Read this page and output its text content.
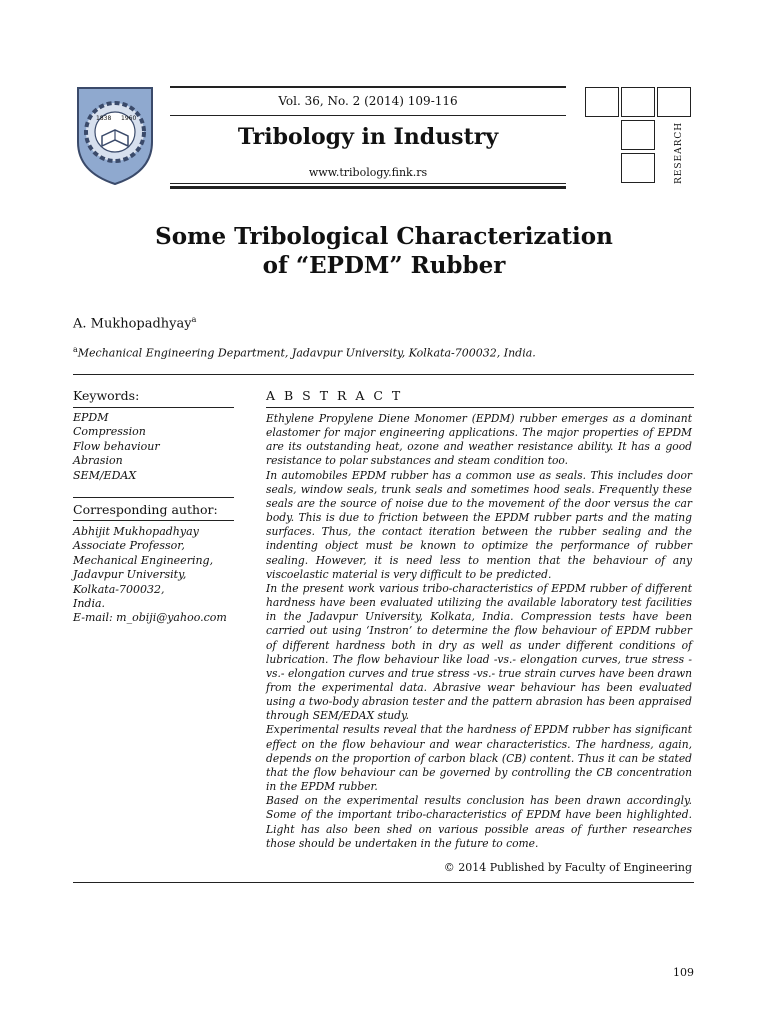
1838 1960
Vol. 36, No. 2 (2014) 109-116
Tribology in Industry
www.tribology.fink.rs	RESEARCH
Some Tribological Characterization
of “EPDM” Rubber
A. Mukhopadhyay$^a$
$^a$Mechanical Engineering Department, Jadavpur University, Kolkata-700032, India.
Keywords:
EPDM
Compression
Flow behaviour
Abrasion
SEM/EDAX
Corresponding author:
Abhijit Mukhopadhyay
Associate Professor,
Mechanical Engineering,
Jadavpur University,
Kolkata-700032,
India.
E-mail: m_obiji@yahoo.com
A B S T R A C T

Ethylene Propylene Diene Monomer (EPDM) rubber emerges as a dominant elastomer for major engineering applications. The major properties of EPDM are its outstanding heat, ozone and weather resistance ability. It has a good resistance to polar substances and steam condition too.

In automobiles EPDM rubber has a common use as seals. This includes door seals, window seals, trunk seals and sometimes hood seals. Frequently these seals are the source of noise due to the movement of the door versus the car body. This is due to friction between the EPDM rubber parts and the mating surfaces. Thus, the contact iteration between the rubber sealing and the indenting object must be known to optimize the performance of rubber sealing. However, it is need less to mention that the behaviour of any viscoelastic material is very difficult to be predicted.

In the present work various tribo-characteristics of EPDM rubber of different hardness have been evaluated utilizing the available laboratory test facilities in the Jadavpur University, Kolkata, India. Compression tests have been carried out using ‘Instron’ to determine the flow behaviour of EPDM rubber of different hardness both in dry as well as under different conditions of lubrication. The flow behaviour like load -vs.- elongation curves, true stress -vs.- elongation curves and true stress -vs.- true strain curves have been drawn from the experimental data. Abrasive wear behaviour has been evaluated using a two-body abrasion tester and the pattern abrasion has been appraised through SEM/EDAX study.

Experimental results reveal that the hardness of EPDM rubber has significant effect on the flow behaviour and wear characteristics. The hardness, again, depends on the proportion of carbon black (CB) content. Thus it can be stated that the flow behaviour can be governed by controlling the CB concentration in the EPDM rubber.

Based on the experimental results conclusion has been drawn accordingly. Some of the important tribo-characteristics of EPDM have been highlighted. Light has also been shed on various possible areas of further researches those should be undertaken in the future to come.

© 2014 Published by Faculty of Engineering
109
